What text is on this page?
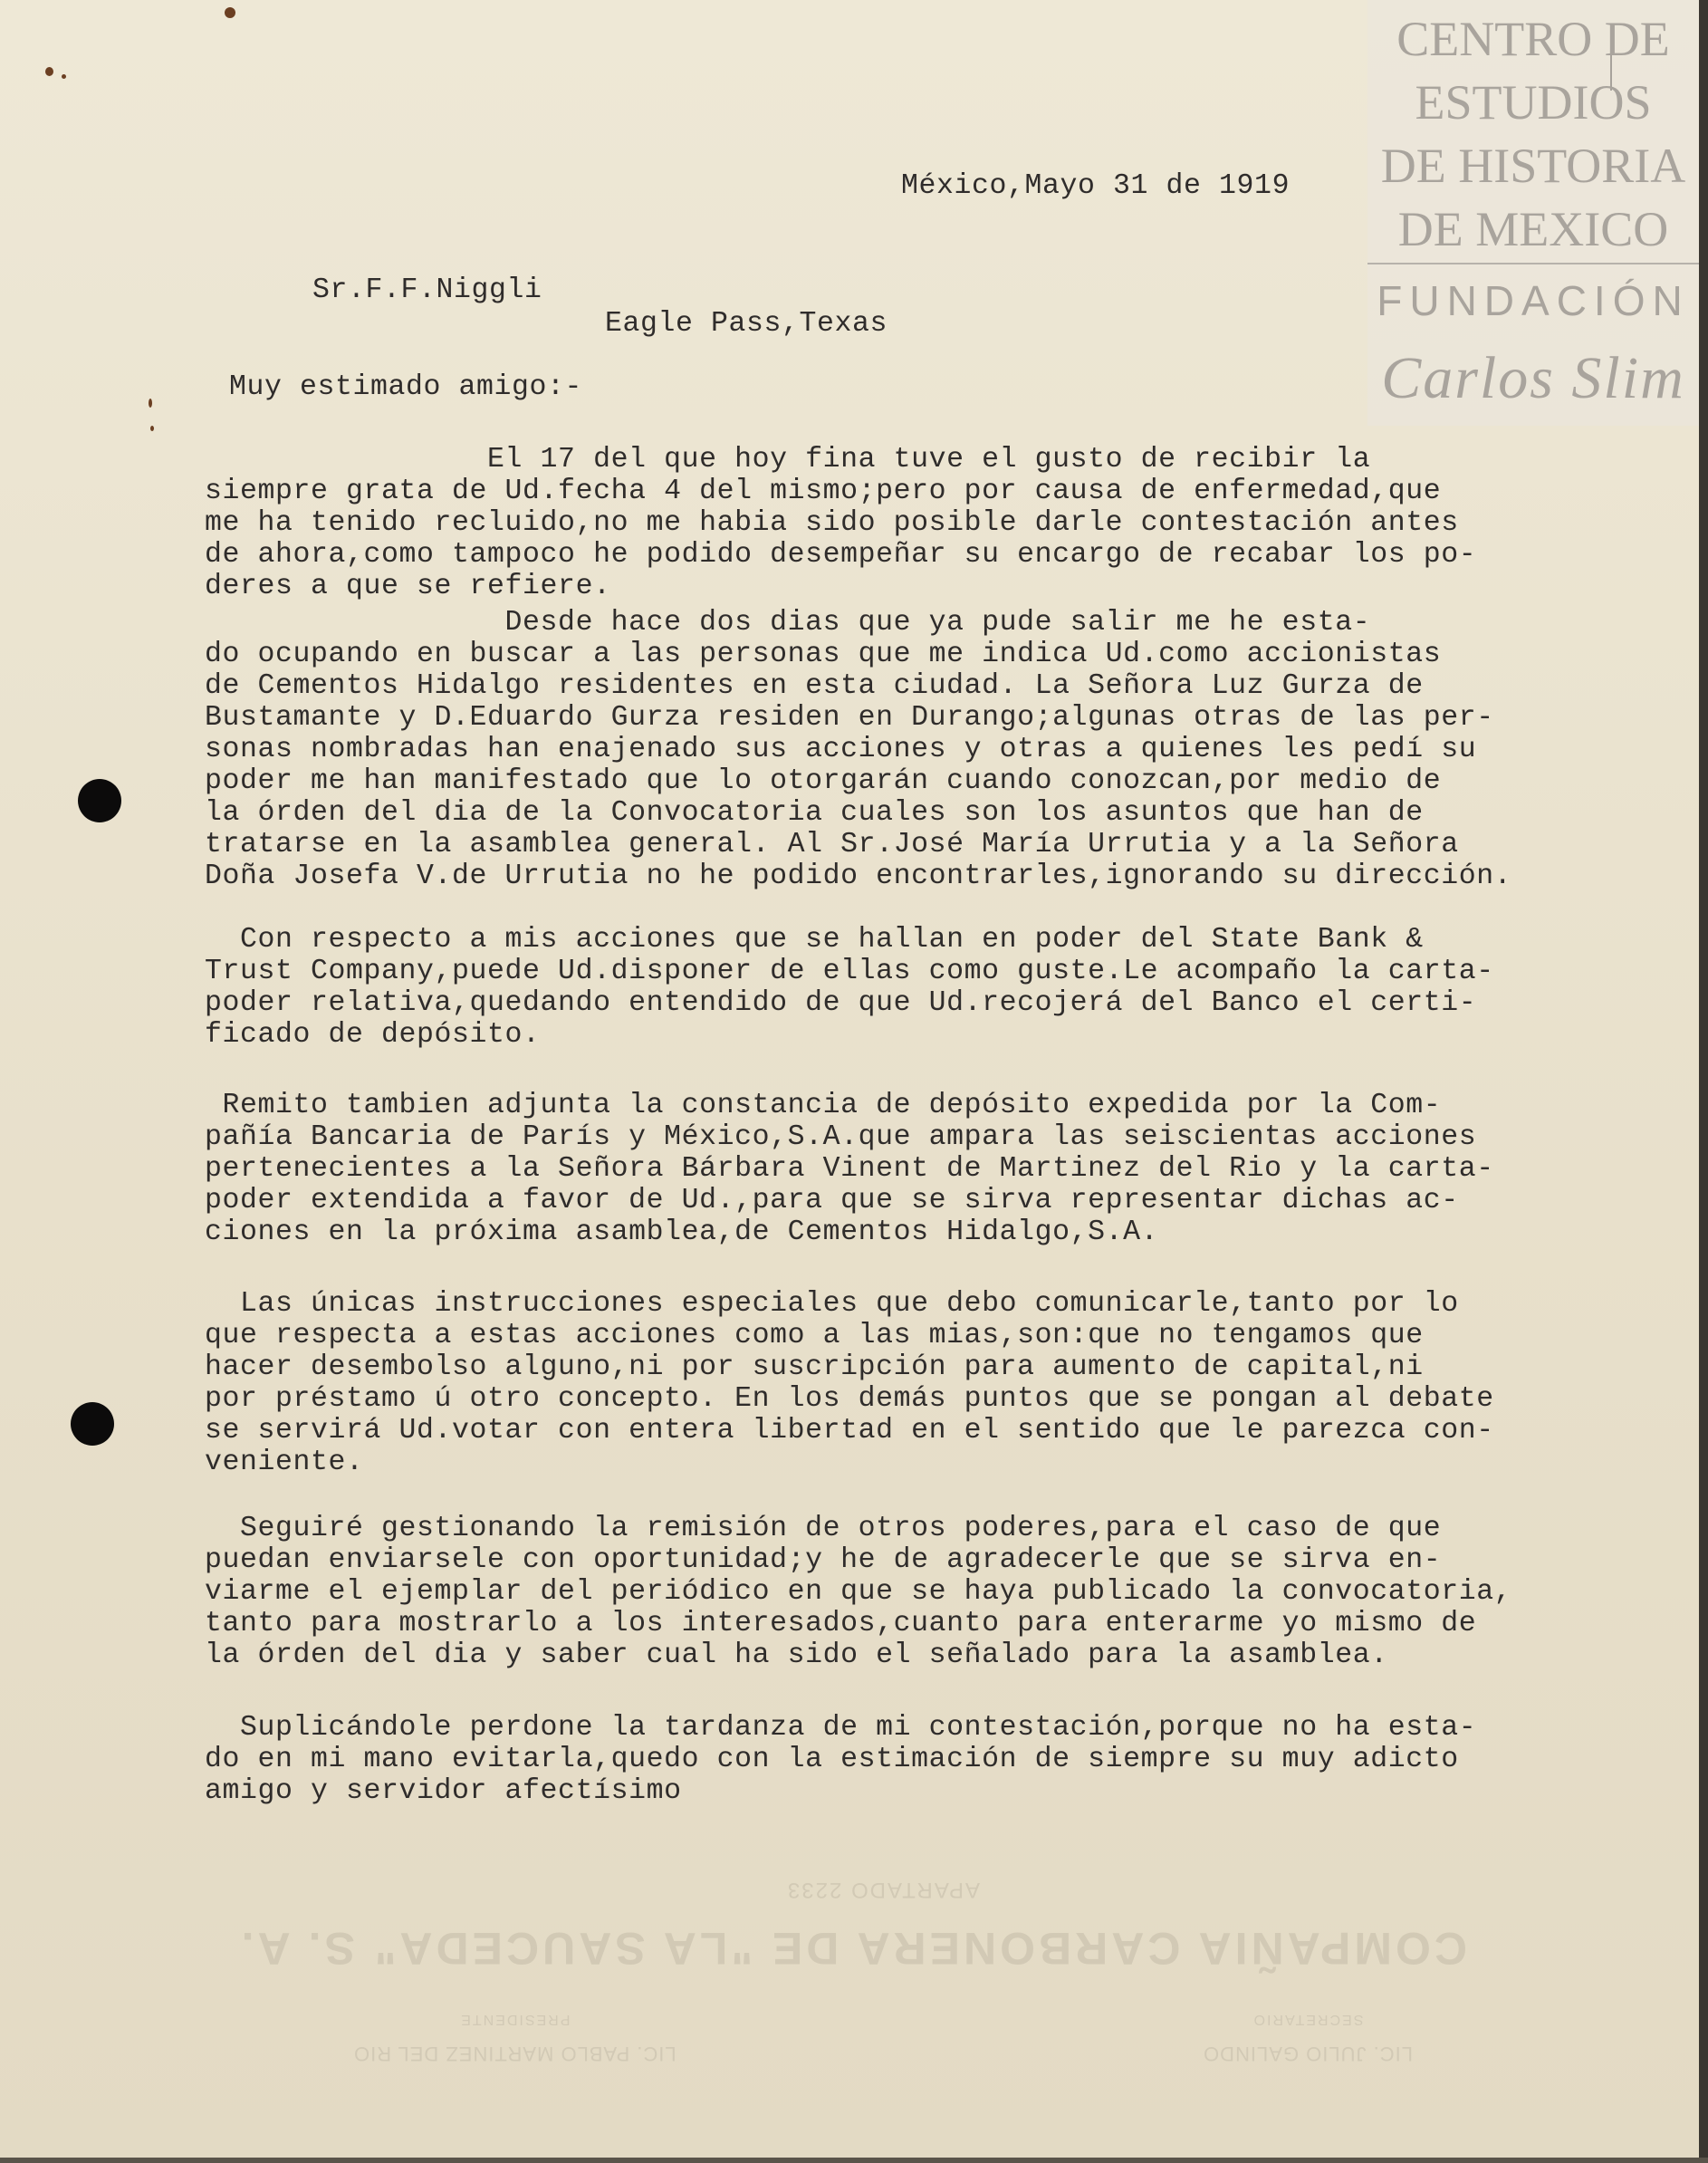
CENTRO DE
ESTUDIOS
DE HISTORIA
DE MEXICO
FUNDACIÓN
Carlos Slim

México,Mayo 31 de 1919

Sr.F.F.Niggli

Eagle Pass,Texas

Muy estimado amigo:-

El 17 del que hoy fina tuve el gusto de recibir la
siempre grata de Ud.fecha 4 del mismo;pero por causa de enfermedad,que
me ha tenido recluido,no me habia sido posible darle contestación antes
de ahora,como tampoco he podido desempeñar su encargo de recabar los po-
deres a que se refiere.

Desde hace dos dias que ya pude salir me he esta-
do ocupando en buscar a las personas que me indica Ud.como accionistas
de Cementos Hidalgo residentes en esta ciudad. La Señora Luz Gurza de
Bustamante y D.Eduardo Gurza residen en Durango;algunas otras de las per-
sonas nombradas han enajenado sus acciones y otras a quienes les pedí su
poder me han manifestado que lo otorgarán cuando conozcan,por medio de
la órden del dia de la Convocatoria cuales son los asuntos que han de
tratarse en la asamblea general. Al Sr.José María Urrutia y a la Señora
Doña Josefa V.de Urrutia no he podido encontrarles,ignorando su dirección.

Con respecto a mis acciones que se hallan en poder del State Bank &
Trust Company,puede Ud.disponer de ellas como guste.Le acompaño la carta-
poder relativa,quedando entendido de que Ud.recojerá del Banco el certi-
ficado de depósito.

Remito tambien adjunta la constancia de depósito expedida por la Com-
pañía Bancaria de París y México,S.A.que ampara las seiscientas acciones
pertenecientes a la Señora Bárbara Vinent de Martinez del Rio y la carta-
poder extendida a favor de Ud.,para que se sirva representar dichas ac-
ciones en la próxima asamblea,de Cementos Hidalgo,S.A.

Las únicas instrucciones especiales que debo comunicarle,tanto por lo
que respecta a estas acciones como a las mias,son:que no tengamos que
hacer desembolso alguno,ni por suscripción para aumento de capital,ni
por préstamo ú otro concepto. En los demás puntos que se pongan al debate
se servirá Ud.votar con entera libertad en el sentido que le parezca con-
veniente.

Seguiré gestionando la remisión de otros poderes,para el caso de que
puedan enviarsele con oportunidad;y he de agradecerle que se sirva en-
viarme el ejemplar del periódico en que se haya publicado la convocatoria,
tanto para mostrarlo a los interesados,cuanto para enterarme yo mismo de
la órden del dia y saber cual ha sido el señalado para la asamblea.

Suplicándole perdone la tardanza de mi contestación,porque no ha esta-
do en mi mano evitarla,quedo con la estimación de siempre su muy adicto
amigo y servidor afectísimo

COMPAÑIA CARBONERA DE "LA SAUCEDA" S. A.
APARTADO 2233
LIC. PABLO MARTINEZ DEL RIO
PRESIDENTE
LIC. JULIO GALINDO
SECRETARIO
